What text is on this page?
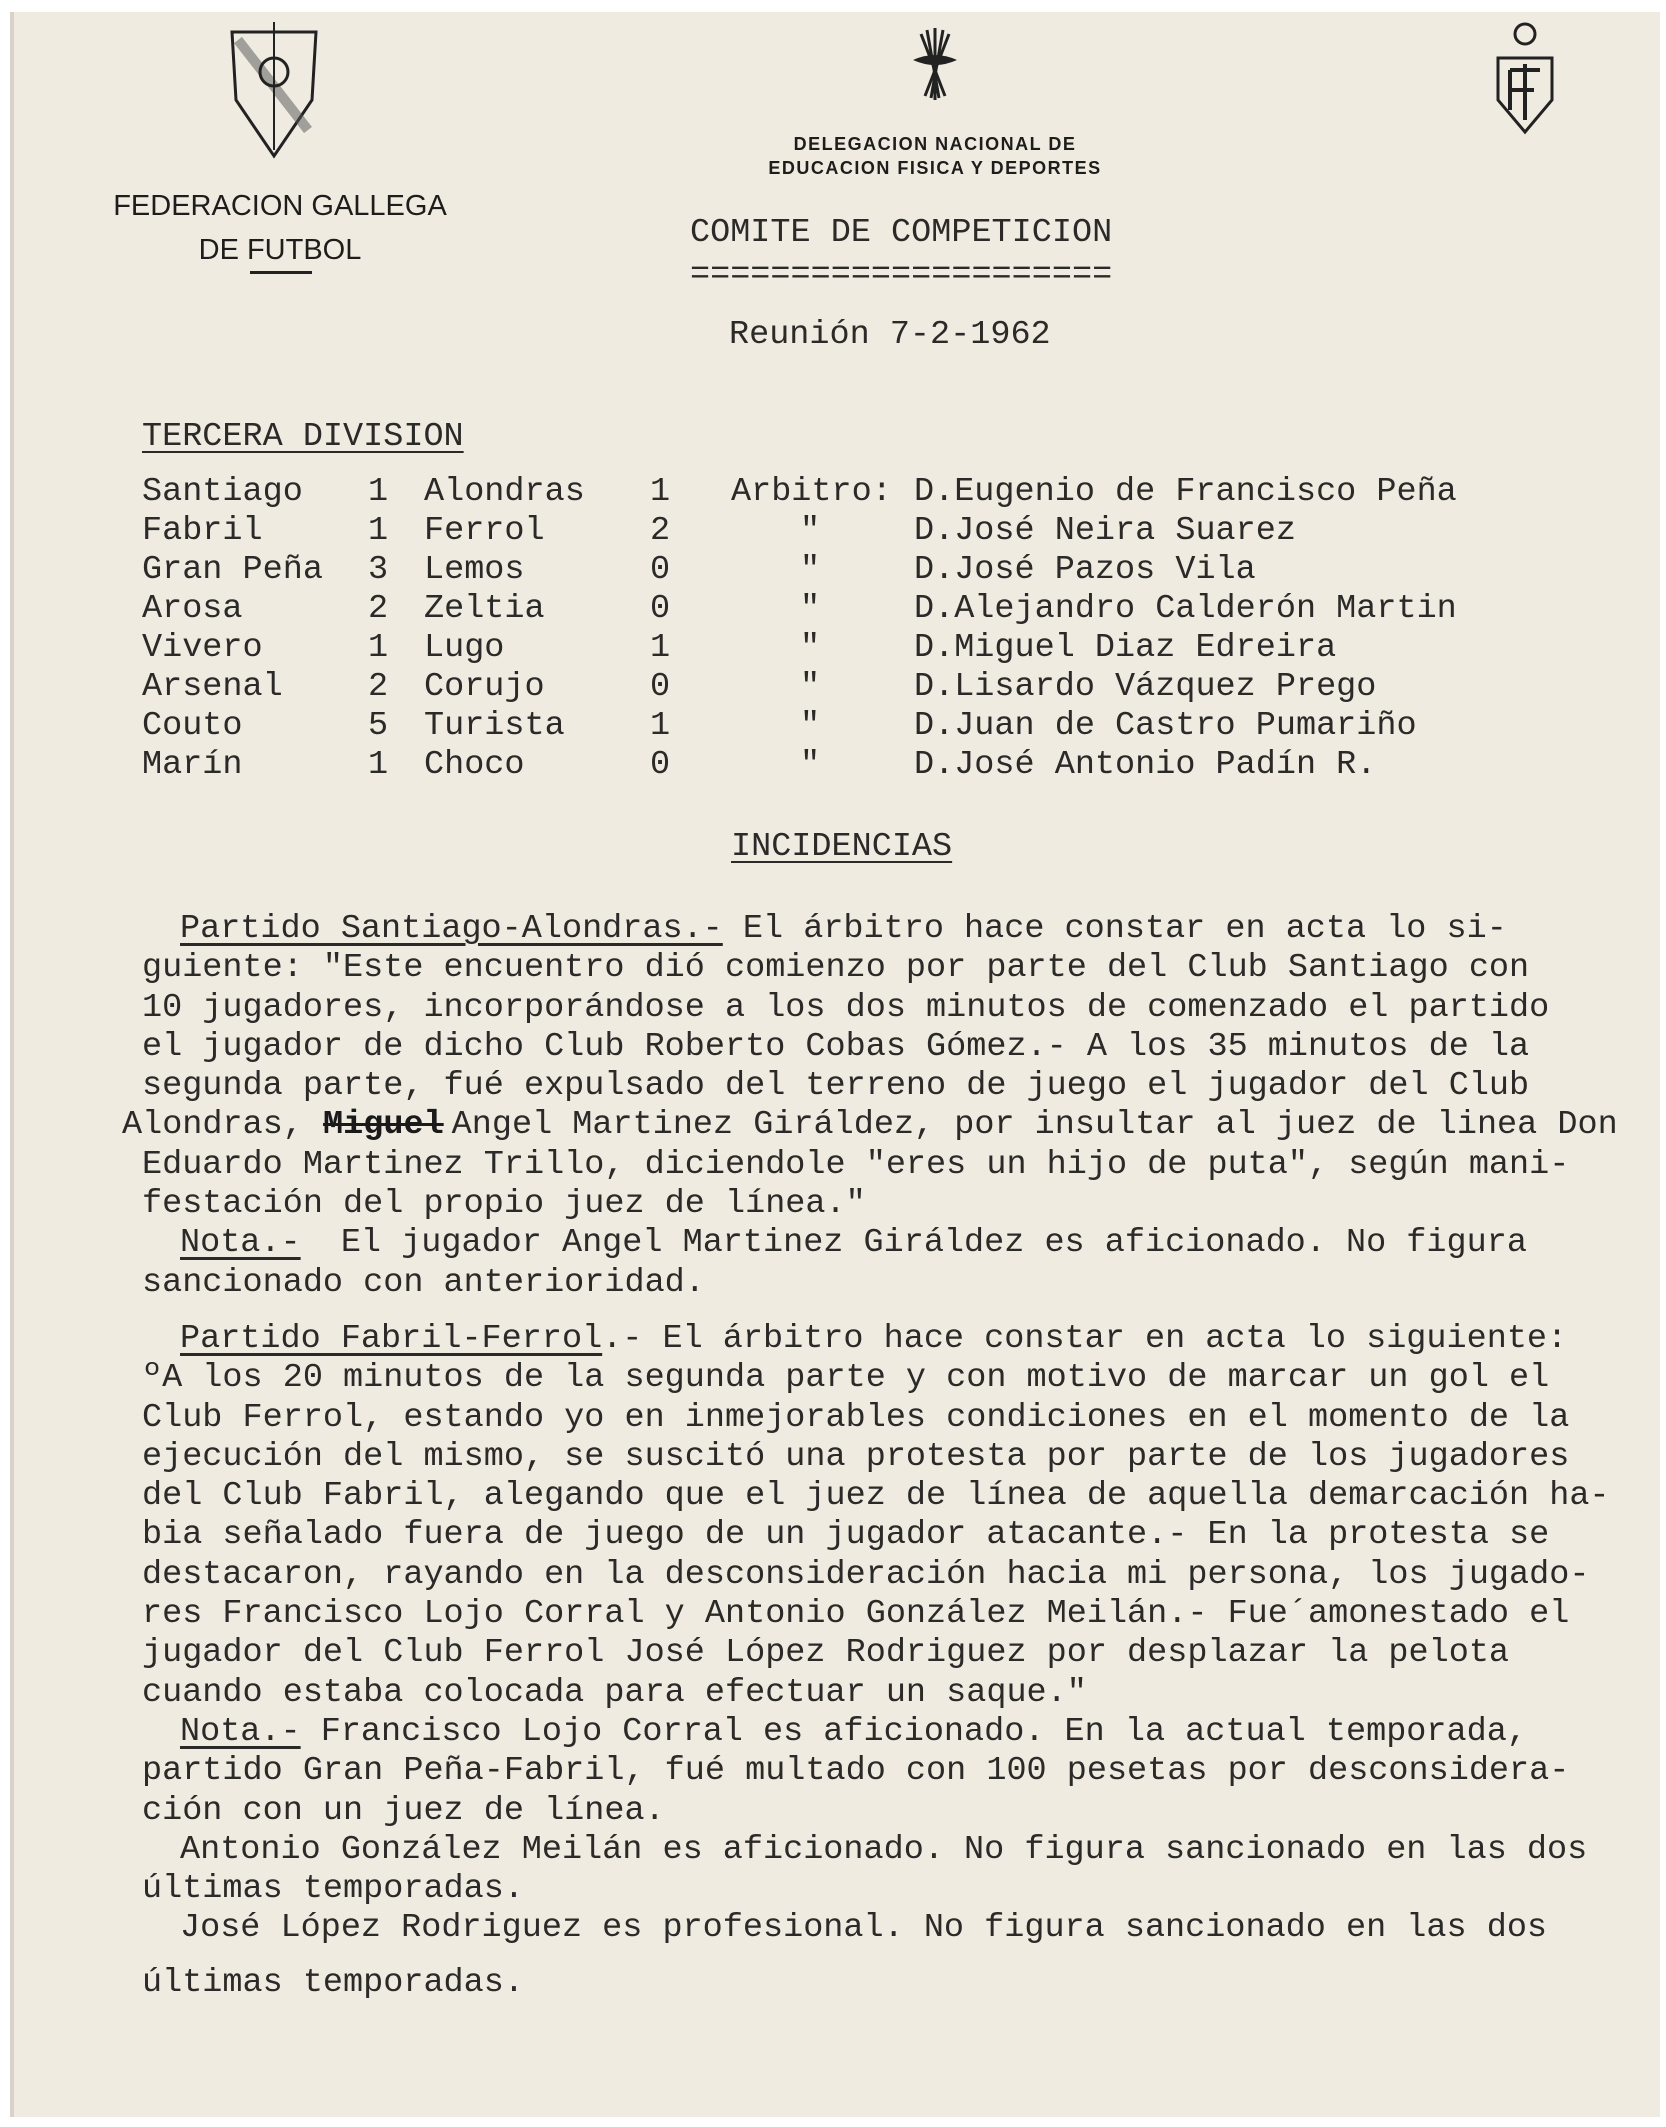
FEDERACION GALLEGA
DE FUTBOL
DELEGACION NACIONAL DE
EDUCACION FISICA Y DEPORTES
COMITE DE COMPETICION
=====================
Reunión 7-2-1962
TERCERA DIVISION
Santiago 1 Alondras 1 Arbitro: D.Eugenio de Francisco Peña
Fabril	1 Ferrol	2	"	D.José Neira Suarez
Gran Peña 3 Lemos	0	"	D.José Pazos Vila
Arosa	2 Zeltia	0	"	D.Alejandro Calderón Martin
Vivero	1 Lugo	1	"	D.Miguel Diaz Edreira
Arsenal	2 Corujo	0	"	D.Lisardo Vázquez Prego
Couto	5 Turista	1	"	D.Juan de Castro Pumariño
Marín	1 Choco	0	"	D.José Antonio Padín R.
INCIDENCIAS
Partido Santiago-Alondras.- El árbitro hace constar en acta lo si-
guiente: "Este encuentro dió comienzo por parte del Club Santiago con
10 jugadores, incorporándose a los dos minutos de comenzado el partido
el jugador de dicho Club Roberto Cobas Gómez.- A los 35 minutos de la
segunda parte, fué expulsado del terreno de juego el jugador del Club
Alondras, Miguel Angel Martinez Giráldez, por insultar al juez de linea Don
Eduardo Martinez Trillo, diciendole "eres un hijo de puta", según mani-
festación del propio juez de línea."
Nota.-  El jugador Angel Martinez Giráldez es aficionado. No figura
sancionado con anterioridad.
Partido Fabril-Ferrol.- El árbitro hace constar en acta lo siguiente:
ºA los 20 minutos de la segunda parte y con motivo de marcar un gol el
Club Ferrol, estando yo en inmejorables condiciones en el momento de la
ejecución del mismo, se suscitó una protesta por parte de los jugadores
del Club Fabril, alegando que el juez de línea de aquella demarcación ha-
bia señalado fuera de juego de un jugador atacante.- En la protesta se
destacaron, rayando en la desconsideración hacia mi persona, los jugado-
res Francisco Lojo Corral y Antonio González Meilán.- Fue´amonestado el
jugador del Club Ferrol José López Rodriguez por desplazar la pelota
cuando estaba colocada para efectuar un saque."
Nota.- Francisco Lojo Corral es aficionado. En la actual temporada,
partido Gran Peña-Fabril, fué multado con 100 pesetas por desconsidera-
ción con un juez de línea.
Antonio González Meilán es aficionado. No figura sancionado en las dos
últimas temporadas.
José López Rodriguez es profesional. No figura sancionado en las dos
últimas temporadas.
